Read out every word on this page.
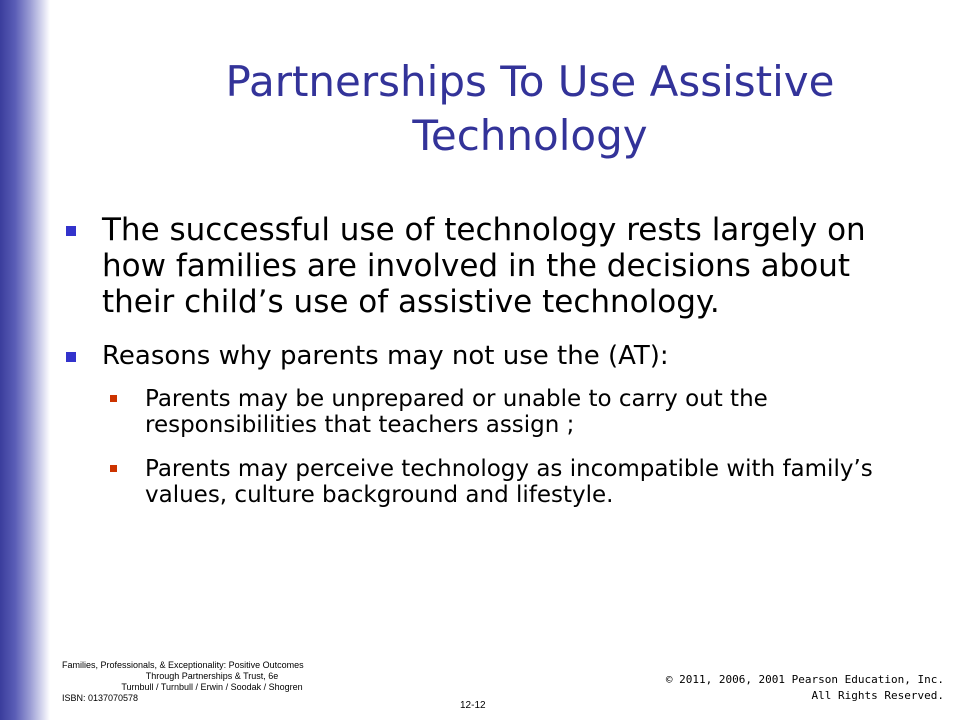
Partnerships To Use Assistive
Technology
The successful use of technology rests largely on how families are involved in the decisions about their child’s use of assistive technology.
Reasons why parents may not use the (AT):
Parents may be unprepared or unable to carry out the responsibilities that teachers assign ;
Parents may perceive technology as incompatible with family’s values, culture background and lifestyle.
Families, Professionals, & Exceptionality: Positive Outcomes
Through Partnerships & Trust, 6e
Turnbull / Turnbull / Erwin / Soodak / Shogren
ISBN: 0137070578
12-12
© 2011, 2006, 2001 Pearson Education, Inc.
All Rights Reserved.
